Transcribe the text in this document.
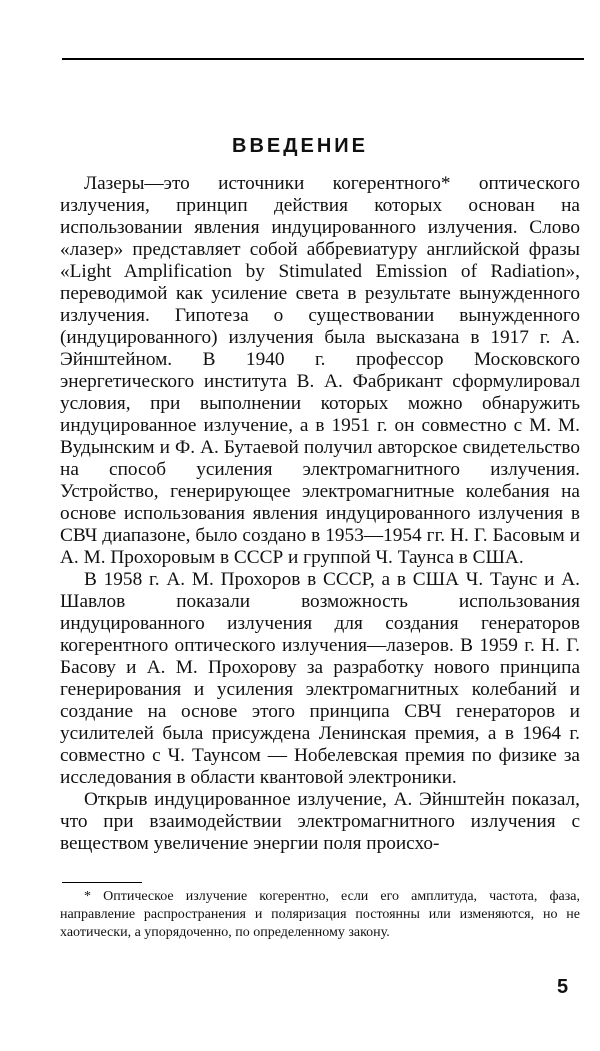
ВВЕДЕНИЕ

Лазеры—это источники когерентного* оптического излучения, принцип действия которых основан на использовании явления индуцированного излучения. Слово «лазер» представляет собой аббревиатуру английской фразы «Light Amplification by Stimulated Emission of Radiation», переводимой как усиление света в результате вынужденного излучения. Гипотеза о существовании вынужденного (индуцированного) излучения была высказана в 1917 г. А. Эйнштейном. В 1940 г. профессор Московского энергетического института В. А. Фабрикант сформулировал условия, при выполнении которых можно обнаружить индуцированное излучение, а в 1951 г. он совместно с М. М. Вудынским и Ф. А. Бутаевой получил авторское свидетельство на способ усиления электромагнитного излучения. Устройство, генерирующее электромагнитные колебания на основе использования явления индуцированного излучения в СВЧ диапазоне, было создано в 1953—1954 гг. Н. Г. Басовым и А. М. Прохоровым в СССР и группой Ч. Таунса в США.

В 1958 г. А. М. Прохоров в СССР, а в США Ч. Таунс и А. Шавлов показали возможность использования индуцированного излучения для создания генераторов когерентного оптического излучения—лазеров. В 1959 г. Н. Г. Басову и А. М. Прохорову за разработку нового принципа генерирования и усиления электромагнитных колебаний и создание на основе этого принципа СВЧ генераторов и усилителей была присуждена Ленинская премия, а в 1964 г. совместно с Ч. Таунсом — Нобелевская премия по физике за исследования в области квантовой электроники.

Открыв индуцированное излучение, А. Эйнштейн показал, что при взаимодействии электромагнитного излучения с веществом увеличение энергии поля происхо-

* Оптическое излучение когерентно, если его амплитуда, частота, фаза, направление распространения и поляризация постоянны или изменяются, но не хаотически, а упорядоченно, по определенному закону.

5
